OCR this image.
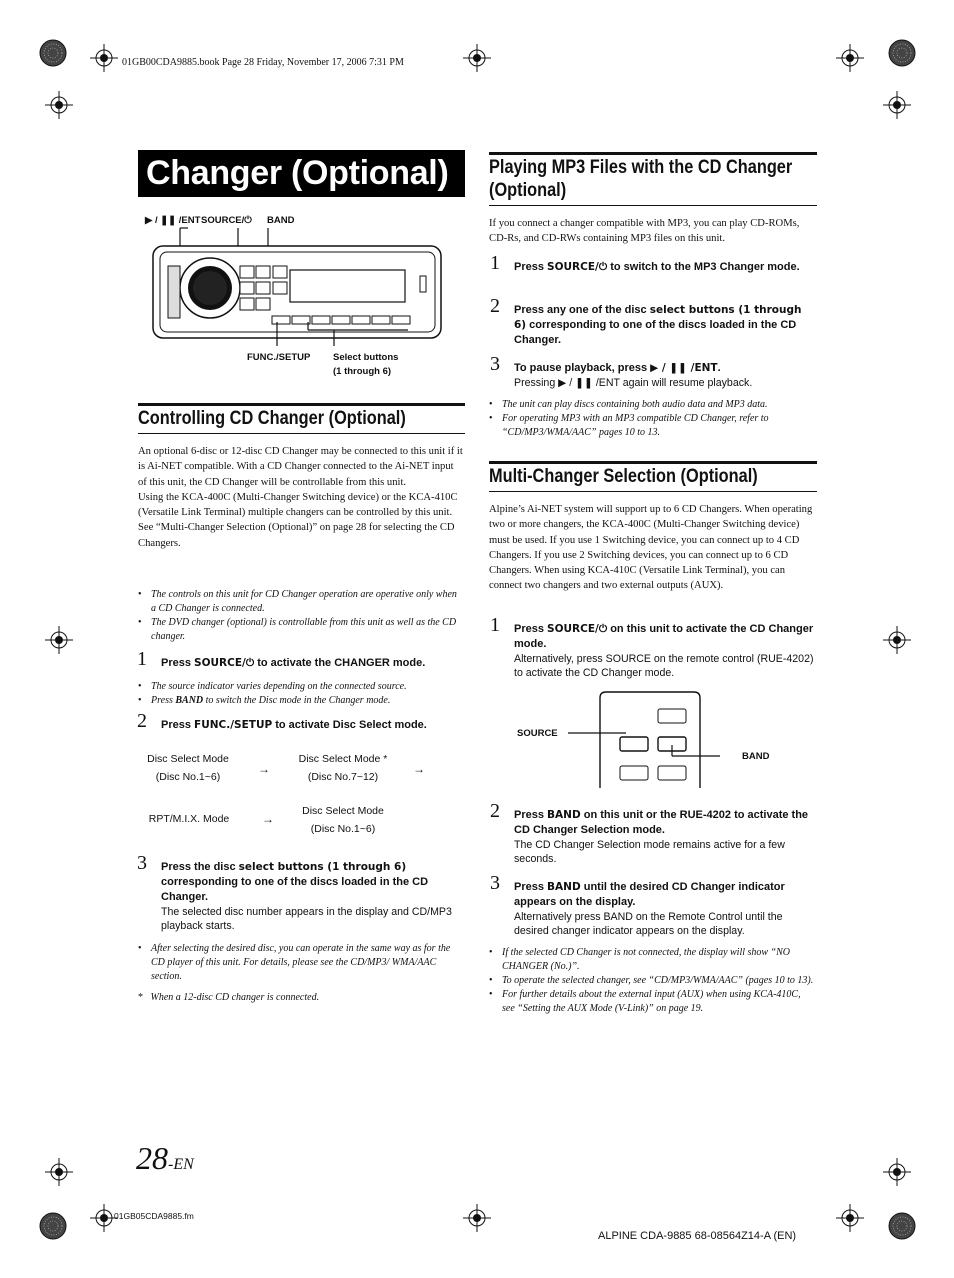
01GB00CDA9885.book Page 28 Friday, November 17, 2006 7:31 PM
Changer (Optional)
▶ / ❚❚ /ENT SOURCE/⏻ BAND
FUNC./SETUP Select buttons
(1 through 6)
Controlling CD Changer (Optional)
An optional 6-disc or 12-disc CD Changer may be connected to this unit if it is Ai-NET compatible. With a CD Changer connected to the Ai-NET input of this unit, the CD Changer will be controllable from this unit.
Using the KCA-400C (Multi-Changer Switching device) or the KCA-410C (Versatile Link Terminal) multiple changers can be controlled by this unit.
See “Multi-Changer Selection (Optional)” on page 28 for selecting the CD Changers.
• The controls on this unit for CD Changer operation are operative only when a CD Changer is connected.
• The DVD changer (optional) is controllable from this unit as well as the CD changer.
1 Press SOURCE/⏻ to activate the CHANGER mode.
• The source indicator varies depending on the connected source.
• Press BAND to switch the Disc mode in the Changer mode.
2 Press FUNC./SETUP to activate Disc Select mode.
Disc Select Mode
(Disc No.1~6)
→
Disc Select Mode *
(Disc No.7~12)
→
RPT/M.I.X. Mode	→
Disc Select Mode
(Disc No.1~6)
3 Press the disc select buttons (1 through 6) corresponding to one of the discs loaded in the CD Changer.
The selected disc number appears in the display and CD/MP3 playback starts.
• After selecting the desired disc, you can operate in the same way as for the CD player of this unit. For details, please see the CD/MP3/ WMA/AAC section.
* When a 12-disc CD changer is connected.
Playing MP3 Files with the CD Changer
(Optional)
If you connect a changer compatible with MP3, you can play CD-ROMs, CD-Rs, and CD-RWs containing MP3 files on this unit.
1 Press SOURCE/⏻ to switch to the MP3 Changer mode.
2 Press any one of the disc select buttons (1 through 6) corresponding to one of the discs loaded in the CD Changer.
3 To pause playback, press ▶ / ❚❚ /ENT.
Pressing ▶ / ❚❚ /ENT again will resume playback.
• The unit can play discs containing both audio data and MP3 data.
• For operating MP3 with an MP3 compatible CD Changer, refer to “CD/MP3/WMA/AAC” pages 10 to 13.
Multi-Changer Selection (Optional)
Alpine’s Ai-NET system will support up to 6 CD Changers. When operating two or more changers, the KCA-400C (Multi-Changer Switching device) must be used. If you use 1 Switching device, you can connect up to 4 CD Changers. If you use 2 Switching devices, you can connect up to 6 CD Changers. When using KCA-410C (Versatile Link Terminal), you can connect two changers and two external outputs (AUX).
1 Press SOURCE/⏻ on this unit to activate the CD Changer mode.
Alternatively, press SOURCE on the remote control (RUE-4202) to activate the CD Changer mode.
SOURCE
BAND
2 Press BAND on this unit or the RUE-4202 to activate the CD Changer Selection mode.
The CD Changer Selection mode remains active for a few seconds.
3 Press BAND until the desired CD Changer indicator appears on the display.
Alternatively press BAND on the Remote Control until the desired changer indicator appears on the display.
• If the selected CD Changer is not connected, the display will show “NO CHANGER (No.)”.
• To operate the selected changer, see “CD/MP3/WMA/AAC” (pages 10 to 13).
• For further details about the external input (AUX) when using KCA-410C, see “Setting the AUX Mode (V-Link)” on page 19.
28-EN
01GB05CDA9885.fm
ALPINE CDA-9885 68-08564Z14-A (EN)
